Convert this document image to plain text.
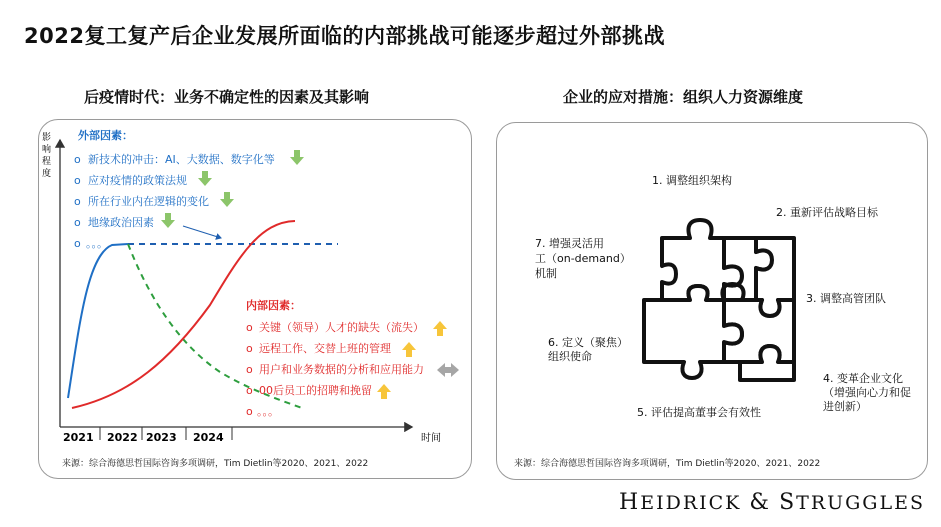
2022复工复产后企业发展所面临的内部挑战可能逐步超过外部挑战
后疫情时代：业务不确定性的因素及其影响	企业的应对措施：组织人力资源维度
影
响
程
度
2021 2022 2023 2024	时间
外部因素：
o 新技术的冲击：AI、大数据、数字化等
o 应对疫情的政策法规
o 所在行业内在逻辑的变化
o 地缘政治因素
o 。。。
内部因素：
o 关键（领导）人才的缺失（流失）
o 远程工作、交替上班的管理
o 用户和业务数据的分析和应用能力
o 00后员工的招聘和挽留
o 。。。
来源：综合海德思哲国际咨询多项调研，Tim Dietlin等2020、2021、2022
1. 调整组织架构
2. 重新评估战略目标
3. 调整高管团队
4. 变革企业文化
（增强向心力和促
进创新）
5. 评估提高董事会有效性
6. 定义（聚焦）
组织使命
7. 增强灵活用
工（on-demand）
机制
来源：综合海德思哲国际咨询多项调研，Tim Dietlin等2020、2021、2022
HEIDRICK & STRUGGLES
